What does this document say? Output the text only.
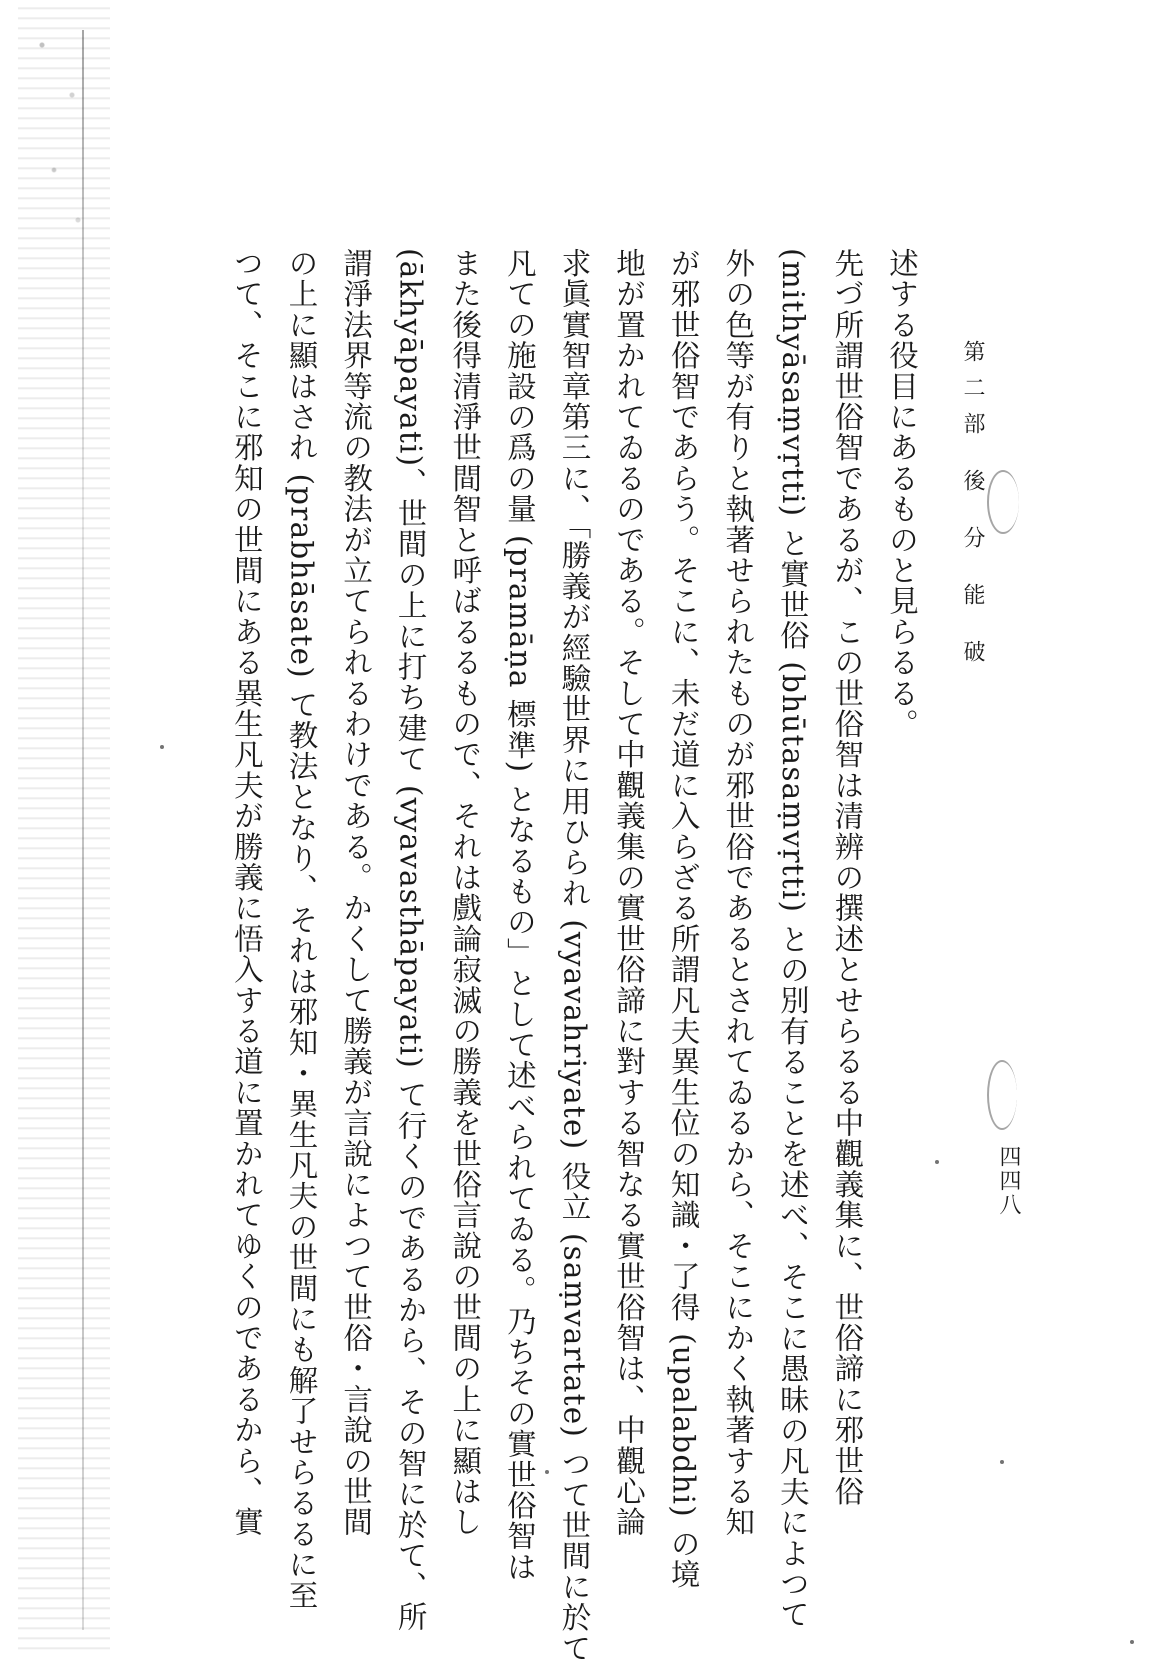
第二部 後 分 能 破
四四八
述する役目にあるものと見らるる。
先づ所謂世俗智であるが、この世俗智は清辨の撰述とせらるる中觀義集に、世俗諦に邪世俗
(mithyāsaṃvṛtti) と實世俗 (bhūtasaṃvṛtti) との別有ることを述べ、そこに愚昧の凡夫によつて
外の色等が有りと執著せられたものが邪世俗であるとされてゐるから、そこにかく執著する知
が邪世俗智であらう。そこに、未だ道に入らざる所謂凡夫異生位の知識・了得 (upalabdhi) の境
地が置かれてゐるのである。そして中觀義集の實世俗諦に對する智なる實世俗智は、中觀心論
求眞實智章第三に、「勝義が經驗世界に用ひられ (vyavahriyate) 役立 (saṃvartate) つて世間に於て
凡ての施設の爲の量 (pramāṇa 標準) となるもの」として述べられてゐる。乃ちその實世俗智は
また後得清淨世間智と呼ばるるもので、それは戲論寂滅の勝義を世俗言說の世間の上に顯はし
(ākhyāpayati)、世間の上に打ち建て (vyavasthāpayati) て行くのであるから、その智に於て、所
謂淨法界等流の教法が立てられるわけである。かくして勝義が言說によつて世俗・言說の世間
の上に顯はされ (prabhāsate) て教法となり、それは邪知・異生凡夫の世間にも解了せらるるに至
つて、そこに邪知の世間にある異生凡夫が勝義に悟入する道に置かれてゆくのであるから、實
